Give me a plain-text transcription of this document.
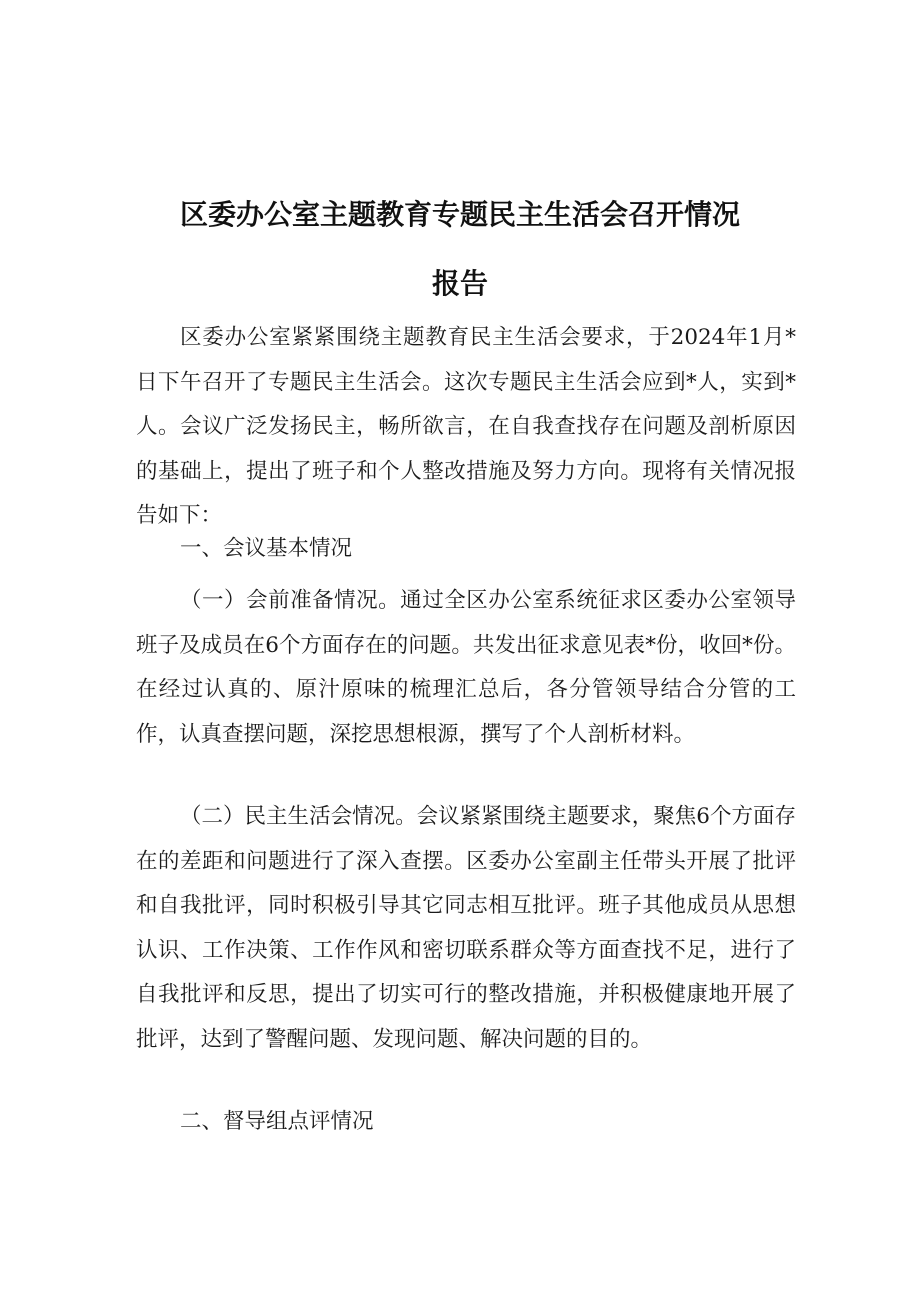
区委办公室主题教育专题民主生活会召开情况
报告

区委办公室紧紧围绕主题教育民主生活会要求，于2024年1月*日下午召开了专题民主生活会。这次专题民主生活会应到*人，实到*人。会议广泛发扬民主，畅所欲言，在自我查找存在问题及剖析原因的基础上，提出了班子和个人整改措施及努力方向。现将有关情况报告如下：

一、会议基本情况

（一）会前准备情况。通过全区办公室系统征求区委办公室领导班子及成员在6个方面存在的问题。共发出征求意见表*份，收回*份。在经过认真的、原汁原味的梳理汇总后，各分管领导结合分管的工作，认真查摆问题，深挖思想根源，撰写了个人剖析材料。

（二）民主生活会情况。会议紧紧围绕主题要求，聚焦6个方面存在的差距和问题进行了深入查摆。区委办公室副主任带头开展了批评和自我批评，同时积极引导其它同志相互批评。班子其他成员从思想认识、工作决策、工作作风和密切联系群众等方面查找不足，进行了自我批评和反思，提出了切实可行的整改措施，并积极健康地开展了批评，达到了警醒问题、发现问题、解决问题的目的。

二、督导组点评情况
